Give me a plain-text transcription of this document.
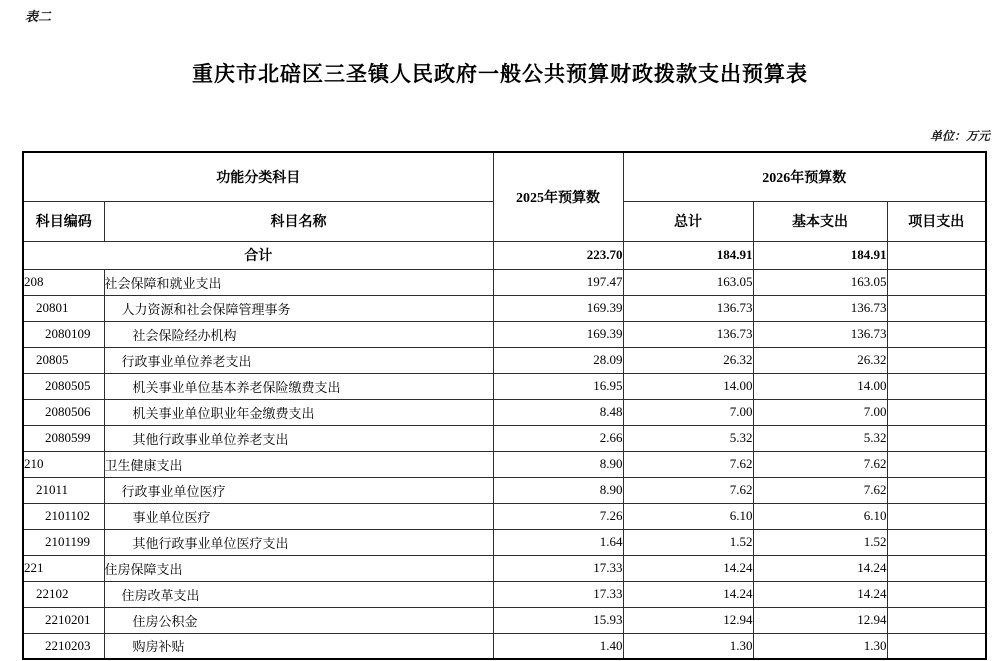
表二
重庆市北碚区三圣镇人民政府一般公共预算财政拨款支出预算表
单位：万元
功能分类科目		2025年预算数	2026年预算数		
科目编码	科目名称		总计	基本支出	项目支出
合计		223.70	184.91	184.91	
208	社会保障和就业支出	197.47	163.05	163.05	
20801	人力资源和社会保障管理事务	169.39	136.73	136.73	
2080109	社会保险经办机构	169.39	136.73	136.73	
20805	行政事业单位养老支出	28.09	26.32	26.32	
2080505	机关事业单位基本养老保险缴费支出	16.95	14.00	14.00	
2080506	机关事业单位职业年金缴费支出	8.48	7.00	7.00	
2080599	其他行政事业单位养老支出	2.66	5.32	5.32	
210	卫生健康支出	8.90	7.62	7.62	
21011	行政事业单位医疗	8.90	7.62	7.62	
2101102	事业单位医疗	7.26	6.10	6.10	
2101199	其他行政事业单位医疗支出	1.64	1.52	1.52	
221	住房保障支出	17.33	14.24	14.24	
22102	住房改革支出	17.33	14.24	14.24	
2210201	住房公积金	15.93	12.94	12.94	
2210203	购房补贴	1.40	1.30	1.30	
